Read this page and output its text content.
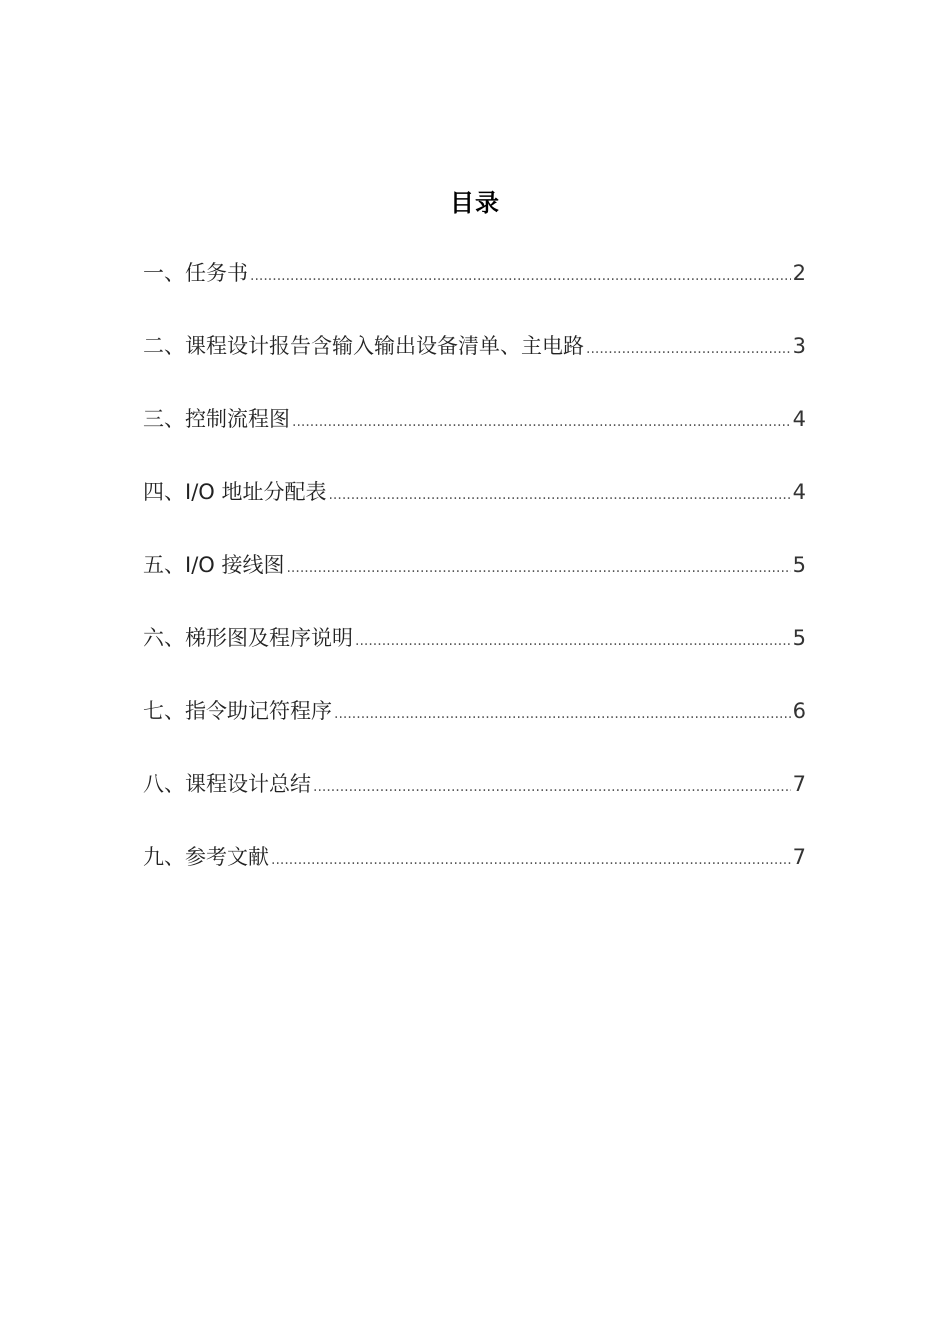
目录
一、任务书 .....	2
二、课程设计报告含输入输出设备清单、主电路 .....	3
三、控制流程图 .....	4
四、I/O 地址分配表 .....	4
五、I/O 接线图 .....	5
六、梯形图及程序说明 .....	5
七、指令助记符程序 .....	6
八、课程设计总结 .....	7
九、参考文献 .....	7
